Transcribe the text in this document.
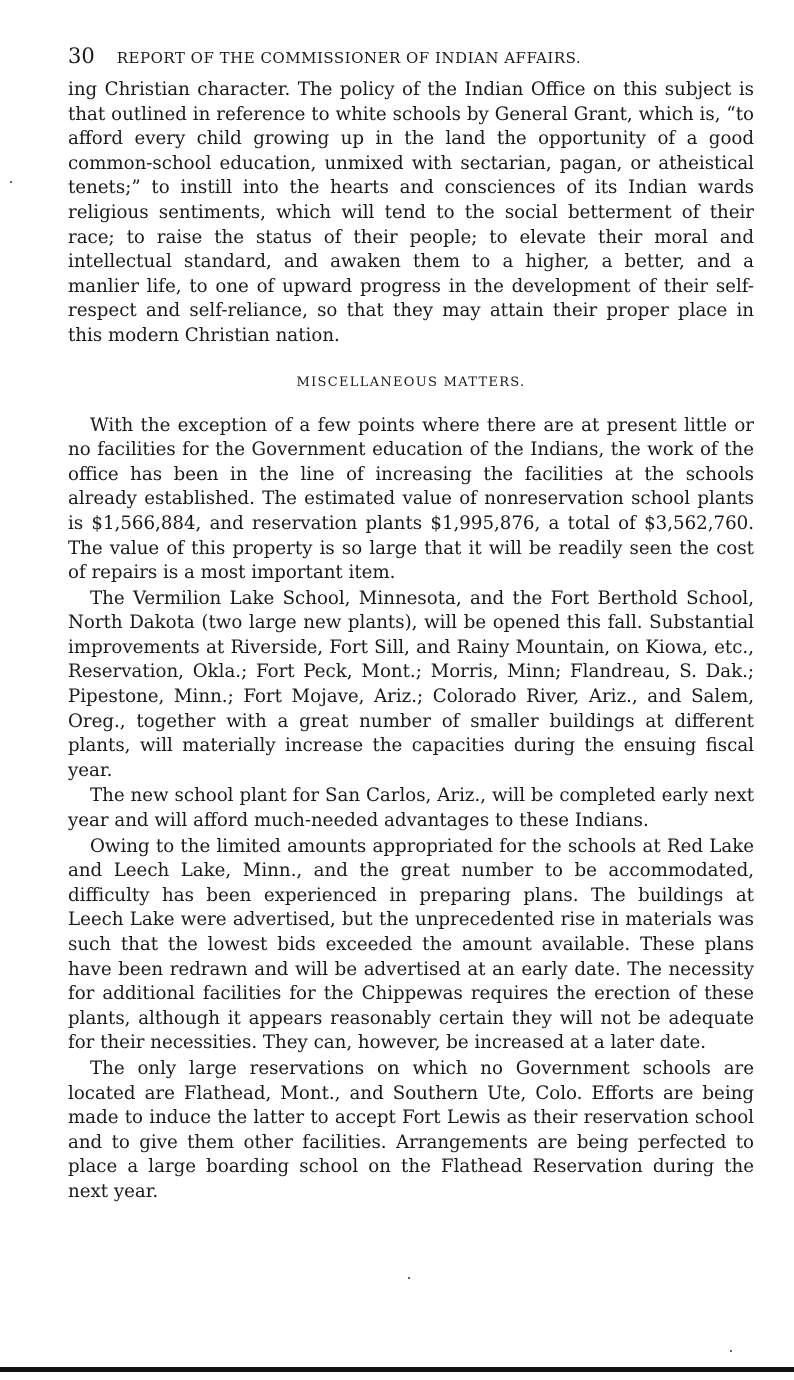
30 REPORT OF THE COMMISSIONER OF INDIAN AFFAIRS.

ing Christian character. The policy of the Indian Office on this subject is that outlined in reference to white schools by General Grant, which is, “to afford every child growing up in the land the opportunity of a good common-school education, unmixed with sectarian, pagan, or atheistical tenets;” to instill into the hearts and consciences of its Indian wards religious sentiments, which will tend to the social betterment of their race; to raise the status of their people; to elevate their moral and intellectual standard, and awaken them to a higher, a better, and a manlier life, to one of upward progress in the development of their self-respect and self-reliance, so that they may attain their proper place in this modern Christian nation.

MISCELLANEOUS MATTERS.

With the exception of a few points where there are at present little or no facilities for the Government education of the Indians, the work of the office has been in the line of increasing the facilities at the schools already established. The estimated value of nonreservation school plants is $1,566,884, and reservation plants $1,995,876, a total of $3,562,760. The value of this property is so large that it will be readily seen the cost of repairs is a most important item.

The Vermilion Lake School, Minnesota, and the Fort Berthold School, North Dakota (two large new plants), will be opened this fall. Substantial improvements at Riverside, Fort Sill, and Rainy Mountain, on Kiowa, etc., Reservation, Okla.; Fort Peck, Mont.; Morris, Minn; Flandreau, S. Dak.; Pipestone, Minn.; Fort Mojave, Ariz.; Colorado River, Ariz., and Salem, Oreg., together with a great number of smaller buildings at different plants, will materially increase the capacities during the ensuing fiscal year.

The new school plant for San Carlos, Ariz., will be completed early next year and will afford much-needed advantages to these Indians.

Owing to the limited amounts appropriated for the schools at Red Lake and Leech Lake, Minn., and the great number to be accommodated, difficulty has been experienced in preparing plans. The buildings at Leech Lake were advertised, but the unprecedented rise in materials was such that the lowest bids exceeded the amount available. These plans have been redrawn and will be advertised at an early date. The necessity for additional facilities for the Chippewas requires the erection of these plants, although it appears reasonably certain they will not be adequate for their necessities. They can, however, be increased at a later date.

The only large reservations on which no Government schools are located are Flathead, Mont., and Southern Ute, Colo. Efforts are being made to induce the latter to accept Fort Lewis as their reservation school and to give them other facilities. Arrangements are being perfected to place a large boarding school on the Flathead Reservation during the next year.
